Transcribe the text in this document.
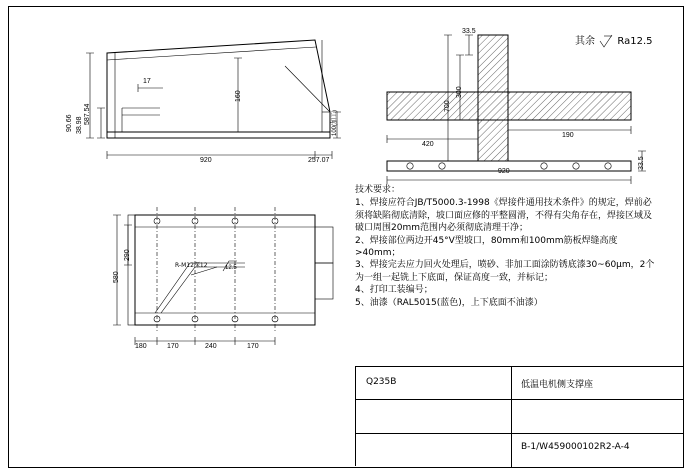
587.54
90.66 38.98
17
920	257.07
160
100(加工)
33.5
300
700
420
190
33.5
920
580
290
180	170	240	170
R-M12深12	12.5
其余 Ra12.5
技术要求：

1、焊接应符合JB/T5000.3-1998《焊接件通用技术条件》的规定，焊前必须将缺陷彻底清除，坡口面应修的平整圆滑，不得有尖角存在，焊接区域及破口周围20mm范围内必须彻底清理干净；

2、焊接部位两边开45°V型坡口，80mm和100mm筋板焊缝高度>40mm；

3、焊接完去应力回火处理后，喷砂、非加工面涂防锈底漆30~60μm，2个为一组一起铣上下底面，保证高度一致，并标记；

4、打印工装编号；

5、油漆（RAL5015(蓝色)，上下底面不油漆）

Q235B	低温电机侧支撑座
B-1/W459000102R2-A-4
